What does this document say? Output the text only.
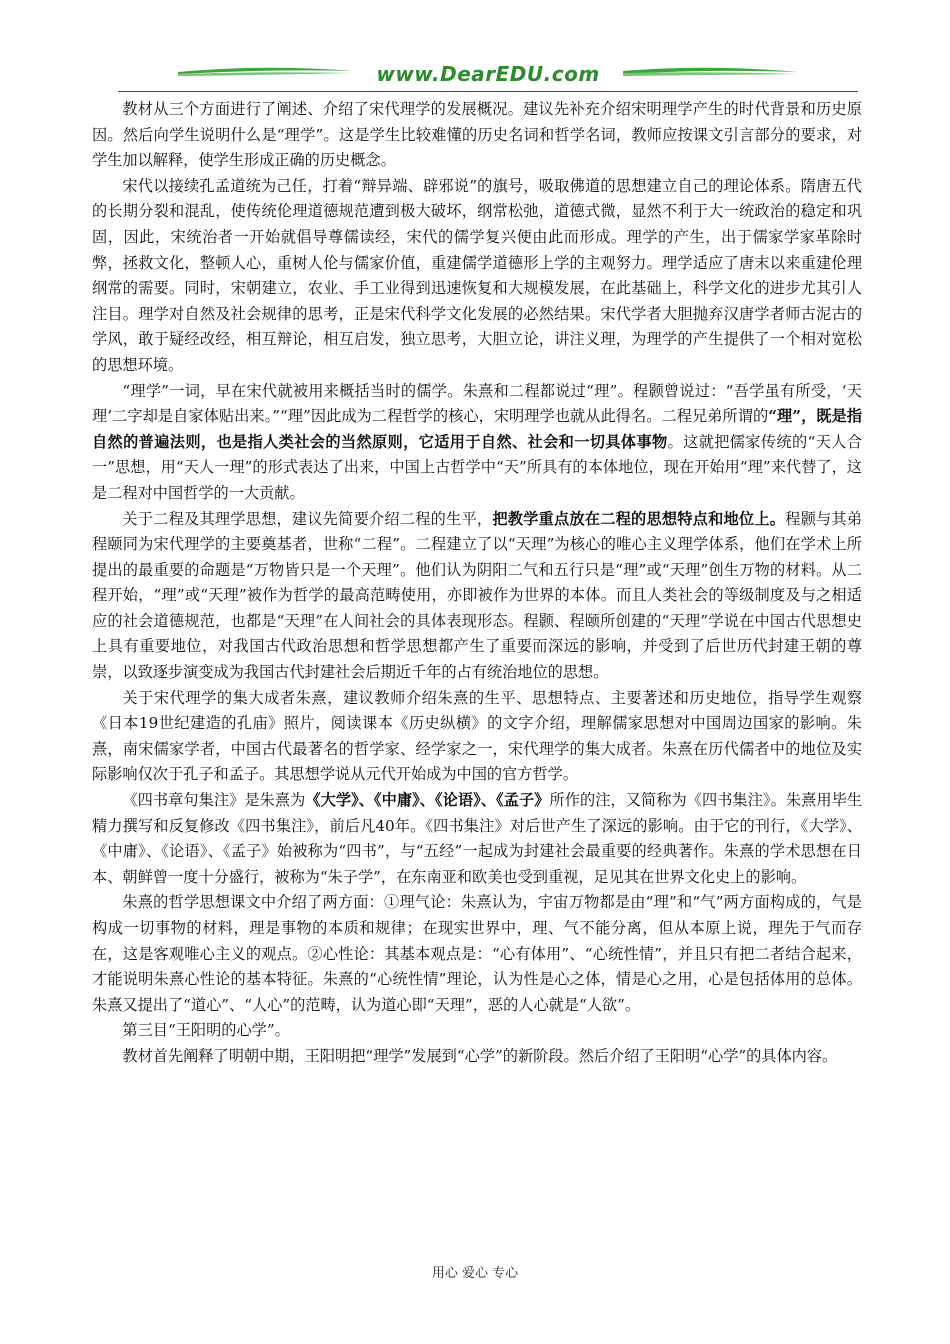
www.DearEDU.com

教材从三个方面进行了阐述、介绍了宋代理学的发展概况。建议先补充介绍宋明理学产生的时代背景和历史原因。然后向学生说明什么是“理学”。这是学生比较难懂的历史名词和哲学名词，教师应按课文引言部分的要求，对学生加以解释，使学生形成正确的历史概念。

宋代以接续孔孟道统为己任，打着“辩异端、辟邪说”的旗号，吸取佛道的思想建立自己的理论体系。隋唐五代的长期分裂和混乱，使传统伦理道德规范遭到极大破坏，纲常松弛，道德式微，显然不利于大一统政治的稳定和巩固，因此，宋统治者一开始就倡导尊儒读经，宋代的儒学复兴便由此而形成。理学的产生，出于儒家学家革除时弊，拯救文化，整顿人心，重树人伦与儒家价值，重建儒学道德形上学的主观努力。理学适应了唐末以来重建伦理纲常的需要。同时，宋朝建立，农业、手工业得到迅速恢复和大规模发展，在此基础上，科学文化的进步尤其引人注目。理学对自然及社会规律的思考，正是宋代科学文化发展的必然结果。宋代学者大胆抛弃汉唐学者师古泥古的学风，敢于疑经改经，相互辩论，相互启发，独立思考，大胆立论，讲注义理，为理学的产生提供了一个相对宽松的思想环境。

“理学”一词，早在宋代就被用来概括当时的儒学。朱熹和二程都说过“理”。程颢曾说过：“吾学虽有所受，‘天理’二字却是自家体贴出来。”“理”因此成为二程哲学的核心，宋明理学也就从此得名。二程兄弟所谓的“理”，既是指自然的普遍法则，也是指人类社会的当然原则，它适用于自然、社会和一切具体事物。这就把儒家传统的“天人合一”思想，用“天人一理”的形式表达了出来，中国上古哲学中“天”所具有的本体地位，现在开始用“理”来代替了，这是二程对中国哲学的一大贡献。

关于二程及其理学思想，建议先简要介绍二程的生平，把教学重点放在二程的思想特点和地位上。程颢与其弟程颐同为宋代理学的主要奠基者，世称“二程”。二程建立了以“天理”为核心的唯心主义理学体系，他们在学术上所提出的最重要的命题是“万物皆只是一个天理”。他们认为阴阳二气和五行只是“理”或“天理”创生万物的材料。从二程开始，“理”或“天理”被作为哲学的最高范畴使用，亦即被作为世界的本体。而且人类社会的等级制度及与之相适应的社会道德规范，也都是“天理”在人间社会的具体表现形态。程颢、程颐所创建的“天理”学说在中国古代思想史上具有重要地位，对我国古代政治思想和哲学思想都产生了重要而深远的影响，并受到了后世历代封建王朝的尊崇，以致逐步演变成为我国古代封建社会后期近千年的占有统治地位的思想。

关于宋代理学的集大成者朱熹，建议教师介绍朱熹的生平、思想特点、主要著述和历史地位，指导学生观察《日本19世纪建造的孔庙》照片，阅读课本《历史纵横》的文字介绍，理解儒家思想对中国周边国家的影响。朱熹，南宋儒家学者，中国古代最著名的哲学家、经学家之一，宋代理学的集大成者。朱熹在历代儒者中的地位及实际影响仅次于孔子和孟子。其思想学说从元代开始成为中国的官方哲学。

《四书章句集注》是朱熹为《大学》、《中庸》、《论语》、《孟子》所作的注，又简称为《四书集注》。朱熹用毕生精力撰写和反复修改《四书集注》，前后凡40年。《四书集注》对后世产生了深远的影响。由于它的刊行，《大学》、《中庸》、《论语》、《孟子》始被称为“四书”，与“五经”一起成为封建社会最重要的经典著作。朱熹的学术思想在日本、朝鲜曾一度十分盛行，被称为“朱子学”，在东南亚和欧美也受到重视，足见其在世界文化史上的影响。

朱熹的哲学思想课文中介绍了两方面：①理气论：朱熹认为，宇宙万物都是由“理”和“气”两方面构成的，气是构成一切事物的材料，理是事物的本质和规律；在现实世界中，理、气不能分离，但从本原上说，理先于气而存在，这是客观唯心主义的观点。②心性论：其基本观点是：“心有体用”、“心统性情”，并且只有把二者结合起来，才能说明朱熹心性论的基本特征。朱熹的“心统性情”理论，认为性是心之体，情是心之用，心是包括体用的总体。朱熹又提出了“道心”、“人心”的范畴，认为道心即“天理”，恶的人心就是“人欲”。

第三目“王阳明的心学”。

教材首先阐释了明朝中期，王阳明把“理学”发展到“心学”的新阶段。然后介绍了王阳明“心学”的具体内容。

用心 爱心 专心
